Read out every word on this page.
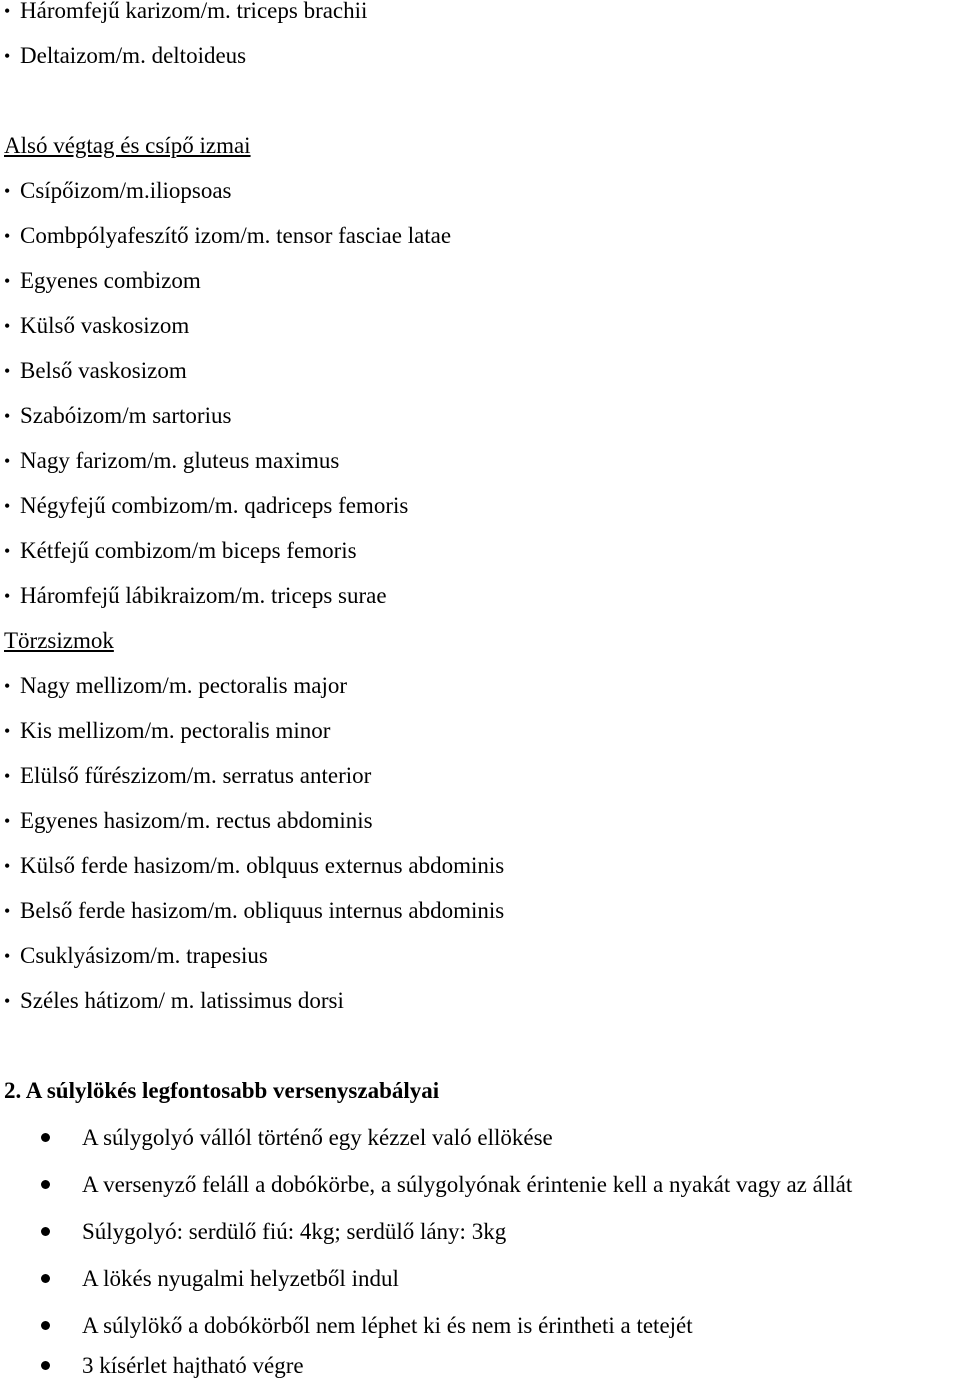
• Háromfejű karizom/m. triceps brachii
• Deltaizom/m. deltoideus
Alsó végtag és csípő izmai
• Csípőizom/m.iliopsoas
• Combpólyafeszítő izom/m. tensor fasciae latae
• Egyenes combizom
• Külső vaskosizom
• Belső vaskosizom
• Szabóizom/m sartorius
• Nagy farizom/m. gluteus maximus
• Négyfejű combizom/m. qadriceps femoris
• Kétfejű combizom/m biceps femoris
• Háromfejű lábikraizom/m. triceps surae
Törzsizmok
• Nagy mellizom/m. pectoralis major
• Kis mellizom/m. pectoralis minor
• Elülső fűrészizom/m. serratus anterior
• Egyenes hasizom/m. rectus abdominis
• Külső ferde hasizom/m. oblquus externus abdominis
• Belső ferde hasizom/m. obliquus internus abdominis
• Csuklyásizom/m. trapesius
• Széles hátizom/ m. latissimus dorsi
2. A súlylökés legfontosabb versenyszabályai
A súlygolyó vállól történő egy kézzel való ellökése
A versenyző feláll a dobókörbe, a súlygolyónak érintenie kell a nyakát vagy az állát
Súlygolyó: serdülő fiú: 4kg; serdülő lány: 3kg
A lökés nyugalmi helyzetből indul
A súlylökő a dobókörből nem léphet ki és nem is érintheti a tetejét
3 kísérlet hajtható végre
